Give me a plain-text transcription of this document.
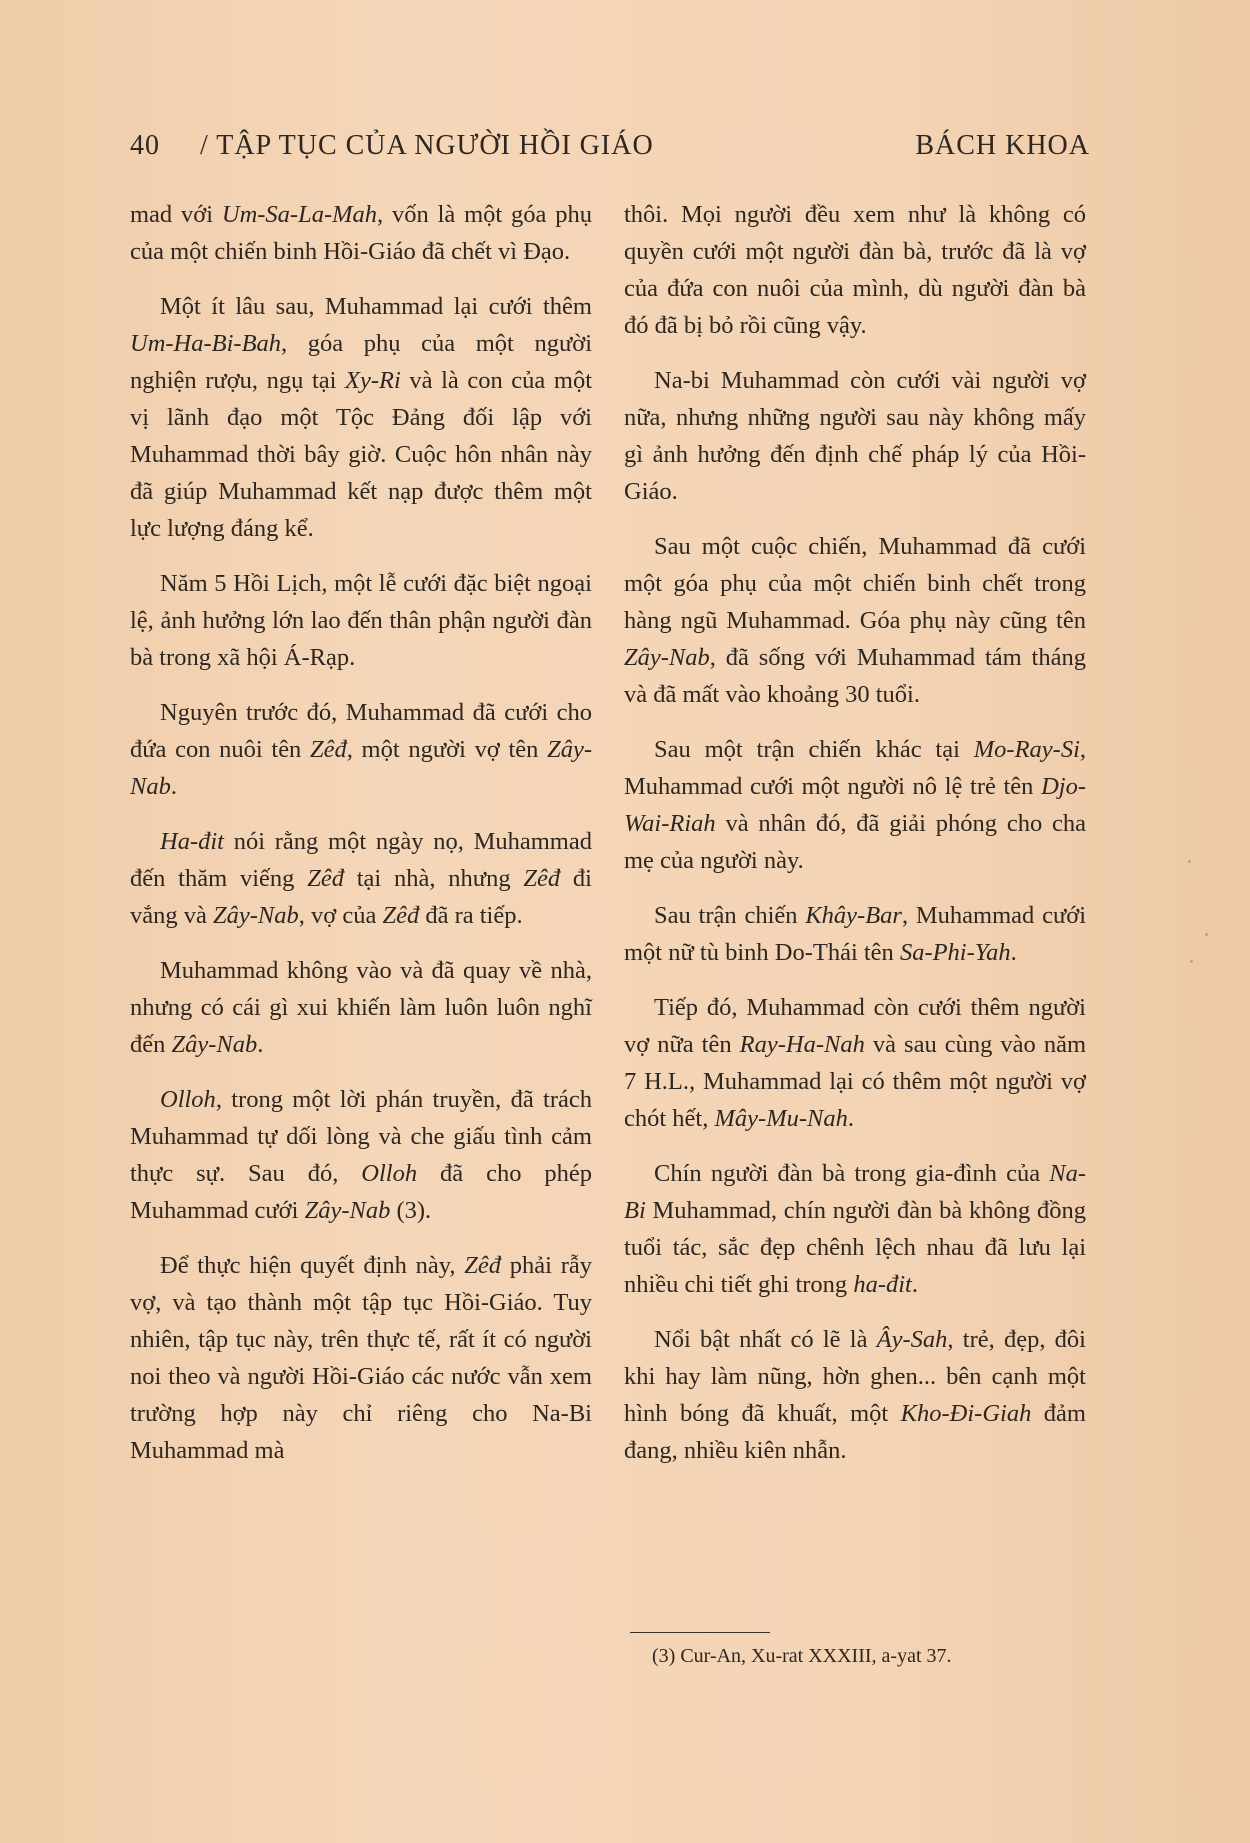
40 / TẬP TỤC CỦA NGƯỜI HỒI GIÁO	BÁCH KHOA

mad với Um-Sa-La-Mah, vốn là một góa phụ của một chiến binh Hồi-Giáo đã chết vì Đạo.

Một ít lâu sau, Muhammad lại cưới thêm Um-Ha-Bi-Bah, góa phụ của một người nghiện rượu, ngụ tại Xy-Ri và là con của một vị lãnh đạo một Tộc Đảng đối lập với Muhammad thời bây giờ. Cuộc hôn nhân này đã giúp Muhammad kết nạp được thêm một lực lượng đáng kể.

Năm 5 Hồi Lịch, một lễ cưới đặc biệt ngoại lệ, ảnh hưởng lớn lao đến thân phận người đàn bà trong xã hội Á-Rạp.

Nguyên trước đó, Muhammad đã cưới cho đứa con nuôi tên Zêđ, một người vợ tên Zây-Nab.

Ha-đit nói rằng một ngày nọ, Muhammad đến thăm viếng Zêđ tại nhà, nhưng Zêđ đi vắng và Zây-Nab, vợ của Zêđ đã ra tiếp.

Muhammad không vào và đã quay về nhà, nhưng có cái gì xui khiến làm luôn luôn nghĩ đến Zây-Nab.

Olloh, trong một lời phán truyền, đã trách Muhammad tự dối lòng và che giấu tình cảm thực sự. Sau đó, Olloh đã cho phép Muhammad cưới Zây-Nab (3).

Để thực hiện quyết định này, Zêđ phải rẫy vợ, và tạo thành một tập tục Hồi-Giáo. Tuy nhiên, tập tục này, trên thực tế, rất ít có người noi theo và người Hồi-Giáo các nước vẫn xem trường hợp này chỉ riêng cho Na-Bi Muhammad mà

thôi. Mọi người đều xem như là không có quyền cưới một người đàn bà, trước đã là vợ của đứa con nuôi của mình, dù người đàn bà đó đã bị bỏ rồi cũng vậy.

Na-bi Muhammad còn cưới vài người vợ nữa, nhưng những người sau này không mấy gì ảnh hưởng đến định chế pháp lý của Hồi-Giáo.

Sau một cuộc chiến, Muhammad đã cưới một góa phụ của một chiến binh chết trong hàng ngũ Muhammad. Góa phụ này cũng tên Zây-Nab, đã sống với Muhammad tám tháng và đã mất vào khoảng 30 tuổi.

Sau một trận chiến khác tại Mo-Ray-Si, Muhammad cưới một người nô lệ trẻ tên Djo-Wai-Riah và nhân đó, đã giải phóng cho cha mẹ của người này.

Sau trận chiến Khây-Bar, Muhammad cưới một nữ tù binh Do-Thái tên Sa-Phi-Yah.

Tiếp đó, Muhammad còn cưới thêm người vợ nữa tên Ray-Ha-Nah và sau cùng vào năm 7 H.L., Muhammad lại có thêm một người vợ chót hết, Mây-Mu-Nah.

Chín người đàn bà trong gia-đình của Na-Bi Muhammad, chín người đàn bà không đồng tuổi tác, sắc đẹp chênh lệch nhau đã lưu lại nhiều chi tiết ghi trong ha-đit.

Nổi bật nhất có lẽ là Ây-Sah, trẻ, đẹp, đôi khi hay làm nũng, hờn ghen... bên cạnh một hình bóng đã khuất, một Kho-Đi-Giah đảm đang, nhiều kiên nhẫn.

(3) Cur-An, Xu-rat XXXIII, a-yat 37.
